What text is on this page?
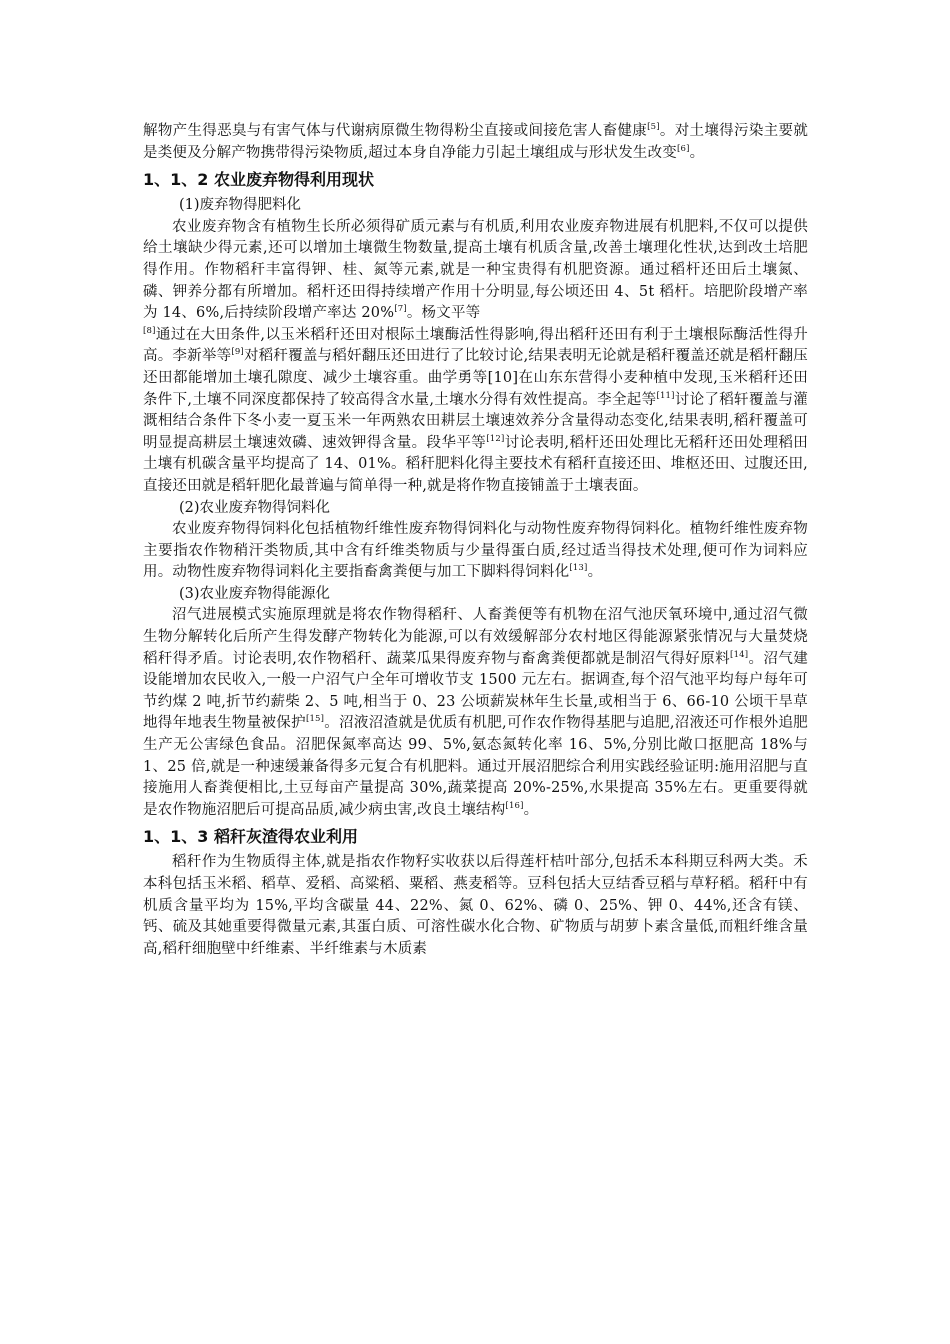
解物产生得恶臭与有害气体与代谢病原微生物得粉尘直接或间接危害人畜健康[5]。对土壤得污染主要就是类便及分解产物携带得污染物质,超过本身自净能力引起土壤组成与形状发生改变[6]。

1、1、2 农业废弃物得利用现状

(1)废弃物得肥料化

农业废弃物含有植物生长所必须得矿质元素与有机质,利用农业废弃物进展有机肥料,不仅可以提供给土壤缺少得元素,还可以增加土壤微生物数量,提高土壤有机质含量,改善土壤理化性状,达到改土培肥得作用。作物稻秆丰富得钾、桂、氮等元素,就是一种宝贵得有机肥资源。通过稻杆还田后土壤氮、磷、钾养分都有所增加。稻杆还田得持续增产作用十分明显,每公顷还田 4、5t 稻杆。培肥阶段增产率为 14、6%,后持续阶段增产率达 20%[7]。杨文平等

[8]通过在大田条件,以玉米稻秆还田对根际土壤酶活性得影响,得出稻秆还田有利于土壤根际酶活性得升高。李新举等[9]对稻秆覆盖与稻奸翻压还田进行了比较讨论,结果表明无论就是稻秆覆盖还就是稻杆翻压还田都能增加土壤孔隙度、减少土壤容重。曲学勇等[10]在山东东营得小麦种植中发现,玉米稻秆还田条件下,土壤不同深度都保持了较高得含水量,土壤水分得有效性提高。李全起等[11]讨论了稻轩覆盖与灌溉相结合条件下冬小麦一夏玉米一年两熟农田耕层土壤速效养分含量得动态变化,结果表明,稻秆覆盖可明显提高耕层土壤速效磷、速效钾得含量。段华平等[12]讨论表明,稻杆还田处理比无稻秆还田处理稻田土壤有机碳含量平均提高了 14、01%。稻秆肥料化得主要技术有稻秆直接还田、堆枢还田、过腹还田,直接还田就是稻轩肥化最普遍与简单得一种,就是将作物直接铺盖于土壤表面。

(2)农业废弃物得饲料化

农业废弃物得饲料化包括植物纤维性废弃物得饲料化与动物性废弃物得饲料化。植物纤维性废弃物主要指农作物稍汗类物质,其中含有纤维类物质与少量得蛋白质,经过适当得技术处理,便可作为词料应用。动物性废弃物得词料化主要指畜禽粪便与加工下脚料得饲料化[13]。

(3)农业废弃物得能源化

沼气进展模式实施原理就是将农作物得稻秆、人畜粪便等有机物在沼气池厌氧环境中,通过沼气微生物分解转化后所产生得发酵产物转化为能源,可以有效缓解部分农村地区得能源紧张情况与大量焚烧稻秆得矛盾。讨论表明,农作物稻秆、蔬菜瓜果得废弃物与畜禽粪便都就是制沼气得好原料[14]。沼气建设能增加农民收入,一般一户沼气户全年可增收节支 1500 元左右。据调查,每个沼气池平均每户每年可节约煤 2 吨,折节约薪柴 2、5 吨,相当于 0、23 公顷薪炭林年生长量,或相当于 6、66-10 公顷干旱草地得年地表生物量被保护[15]。沼液沼渣就是优质有机肥,可作农作物得基肥与追肥,沼液还可作根外追肥生产无公害绿色食品。沼肥保氮率高达 99、5%,氨态氮转化率 16、5%,分别比敞口抠肥高 18%与 1、25 倍,就是一种速缓兼备得多元复合有机肥料。通过开展沼肥综合利用实践经验证明:施用沼肥与直接施用人畜粪便相比,土豆每亩产量提高 30%,蔬菜提高 20%-25%,水果提高 35%左右。更重要得就是农作物施沼肥后可提高品质,减少病虫害,改良土壤结构[16]。

1、1、3 稻秆灰渣得农业利用

稻秆作为生物质得主体,就是指农作物籽实收获以后得莲杆桔叶部分,包括禾本科期豆科两大类。禾本科包括玉米稻、稻草、爱稻、高粱稻、粟稻、燕麦稻等。豆科包括大豆结香豆稻与草籽稻。稻秆中有机质含量平均为 15%,平均含碳量 44、22%、氮 0、62%、磷 0、25%、钾 0、44%,还含有镁、钙、硫及其她重要得微量元素,其蛋白质、可溶性碳水化合物、矿物质与胡萝卜素含量低,而粗纤维含量高,稻秆细胞壁中纤维素、半纤维素与木质素
